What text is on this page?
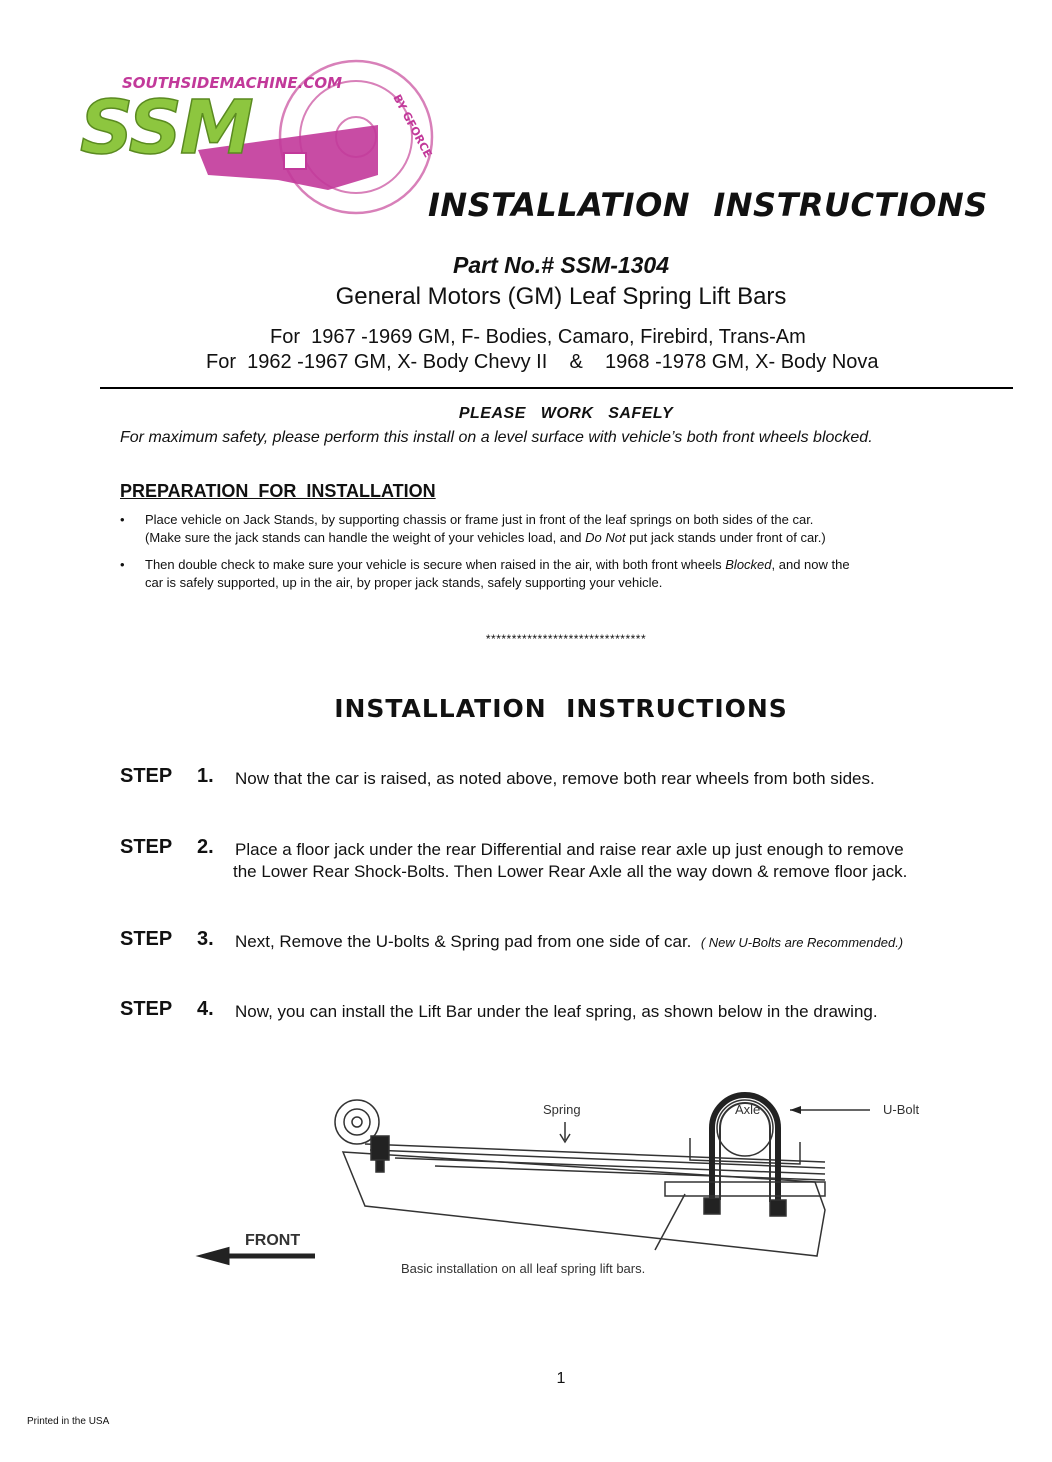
SOUTHSIDEMACHINE.COM
SSM	BY GFORCE
INSTALLATION  INSTRUCTIONS
Part No.# SSM-1304
General Motors (GM) Leaf Spring Lift Bars
For  1967 -1969 GM, F- Bodies, Camaro, Firebird, Trans-Am
For  1962 -1967 GM, X- Body Chevy II    &    1968 -1978 GM, X- Body Nova
PLEASE   WORK   SAFELY
For maximum safety, please perform this install on a level surface with vehicle’s both front wheels blocked.
PREPARATION  FOR  INSTALLATION
• Place vehicle on Jack Stands, by supporting chassis or frame just in front of the leaf springs on both sides of the car.
(Make sure the jack stands can handle the weight of your vehicles load, and Do Not put jack stands under front of car.)
• Then double check to make sure your vehicle is secure when raised in the air, with both front wheels Blocked, and now the
car is safely supported, up in the air, by proper jack stands, safely supporting your vehicle.
*******************************
INSTALLATION  INSTRUCTIONS
STEP 1. Now that the car is raised, as noted above, remove both rear wheels from both sides.
STEP 2. Place a floor jack under the rear Differential and raise rear axle up just enough to remove
the Lower Rear Shock-Bolts. Then Lower Rear Axle all the way down & remove floor jack.
STEP 3. Next, Remove the U-bolts & Spring pad from one side of car. ( New U-Bolts are Recommended.)
STEP 4. Now, you can install the Lift Bar under the leaf spring, as shown below in the drawing.
Spring	Axle	U-Bolt
FRONT
Basic installation on all leaf spring lift bars.
1
Printed in the USA
